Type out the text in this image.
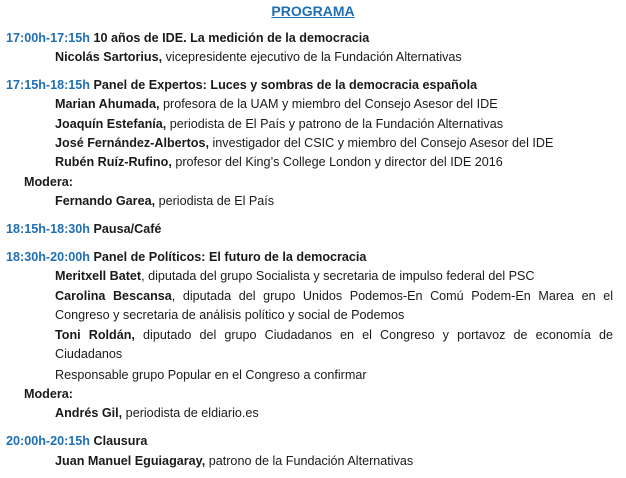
PROGRAMA
17:00h-17:15h 10 años de IDE. La medición de la democracia
Nicolás Sartorius, vicepresidente ejecutivo de la Fundación Alternativas
17:15h-18:15h Panel de Expertos: Luces y sombras de la democracia española
Marian Ahumada, profesora de la UAM y miembro del Consejo Asesor del IDE
Joaquín Estefanía, periodista de El País y patrono de la Fundación Alternativas
José Fernández-Albertos, investigador del CSIC y miembro del Consejo Asesor del IDE
Rubén Ruíz-Rufino, profesor del King’s College London y director del IDE 2016
Modera:
Fernando Garea, periodista de El País
18:15h-18:30h Pausa/Café
18:30h-20:00h Panel de Políticos: El futuro de la democracia
Meritxell Batet, diputada del grupo Socialista y secretaria de impulso federal del PSC
Carolina Bescansa, diputada del grupo Unidos Podemos-En Comú Podem-En Marea en el Congreso y secretaria de análisis político y social de Podemos
Toni Roldán, diputado del grupo Ciudadanos en el Congreso y portavoz de economía de Ciudadanos
Responsable grupo Popular en el Congreso a confirmar
Modera:
Andrés Gil, periodista de eldiario.es
20:00h-20:15h Clausura
Juan Manuel Eguiagaray, patrono de la Fundación Alternativas
